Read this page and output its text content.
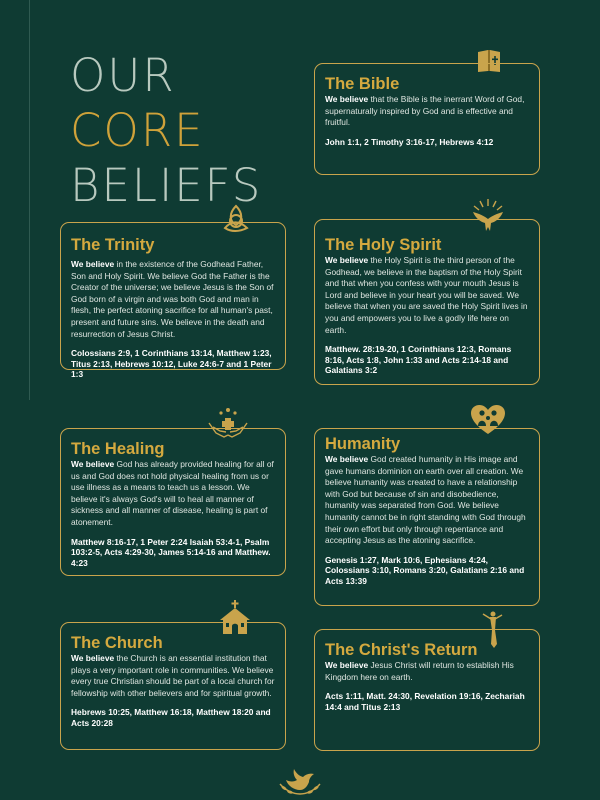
OUR
CORE
BELIEFS
The Bible

We believe that the Bible is the inerrant Word of God, supernaturally inspired by God and is effective and fruitful.

John 1:1, 2 Timothy 3:16-17, Hebrews 4:12

The Trinity

We believe in the existence of the Godhead Father, Son and Holy Spirit. We believe God the Father is the Creator of the universe; we believe Jesus is the Son of God born of a virgin and was both God and man in flesh, the perfect atoning sacrifice for all human's past, present and future sins. We believe in the death and resurrection of Jesus Christ.

Colossians 2:9, 1 Corinthians 13:14, Matthew 1:23, Titus 2:13, Hebrews 10:12, Luke 24:6-7 and 1 Peter 1:3

The Holy Spirit

We believe the Holy Spirit is the third person of the Godhead, we believe in the baptism of the Holy Spirit and that when you confess with your mouth Jesus is Lord and believe in your heart you will be saved. We believe that when you are saved the Holy Spirit lives in you and empowers you to live a godly life here on earth.

Matthew. 28:19-20, 1 Corinthians 12:3, Romans 8:16, Acts 1:8, John 1:33 and Acts 2:14-18 and Galatians 3:2

The Healing

We believe God has already provided healing for all of us and God does not hold physical healing from us or use illness as a means to teach us a lesson. We believe it's always God's will to heal all manner of sickness and all manner of disease, healing is part of atonement.

Matthew 8:16-17, 1 Peter 2:24 Isaiah 53:4-1, Psalm 103:2-5, Acts 4:29-30, James 5:14-16 and Matthew. 4:23

Humanity

We believe God created humanity in His image and gave humans dominion on earth over all creation. We believe humanity was created to have a relationship with God but because of sin and disobedience, humanity was separated from God. We believe humanity cannot be in right standing with God through their own effort but only through repentance and accepting Jesus as the atoning sacrifice.

Genesis 1:27, Mark 10:6, Ephesians 4:24, Colossians 3:10, Romans 3:20, Galatians 2:16 and Acts 13:39

The Church

We believe the Church is an essential institution that plays a very important role in communities. We believe every true Christian should be part of a local church for fellowship with other believers and for spiritual growth.

Hebrews 10:25, Matthew 16:18, Matthew 18:20 and Acts 20:28

The Christ's Return

We believe Jesus Christ will return to establish His Kingdom here on earth.

Acts 1:11, Matt. 24:30, Revelation 19:16, Zechariah 14:4 and Titus 2:13
